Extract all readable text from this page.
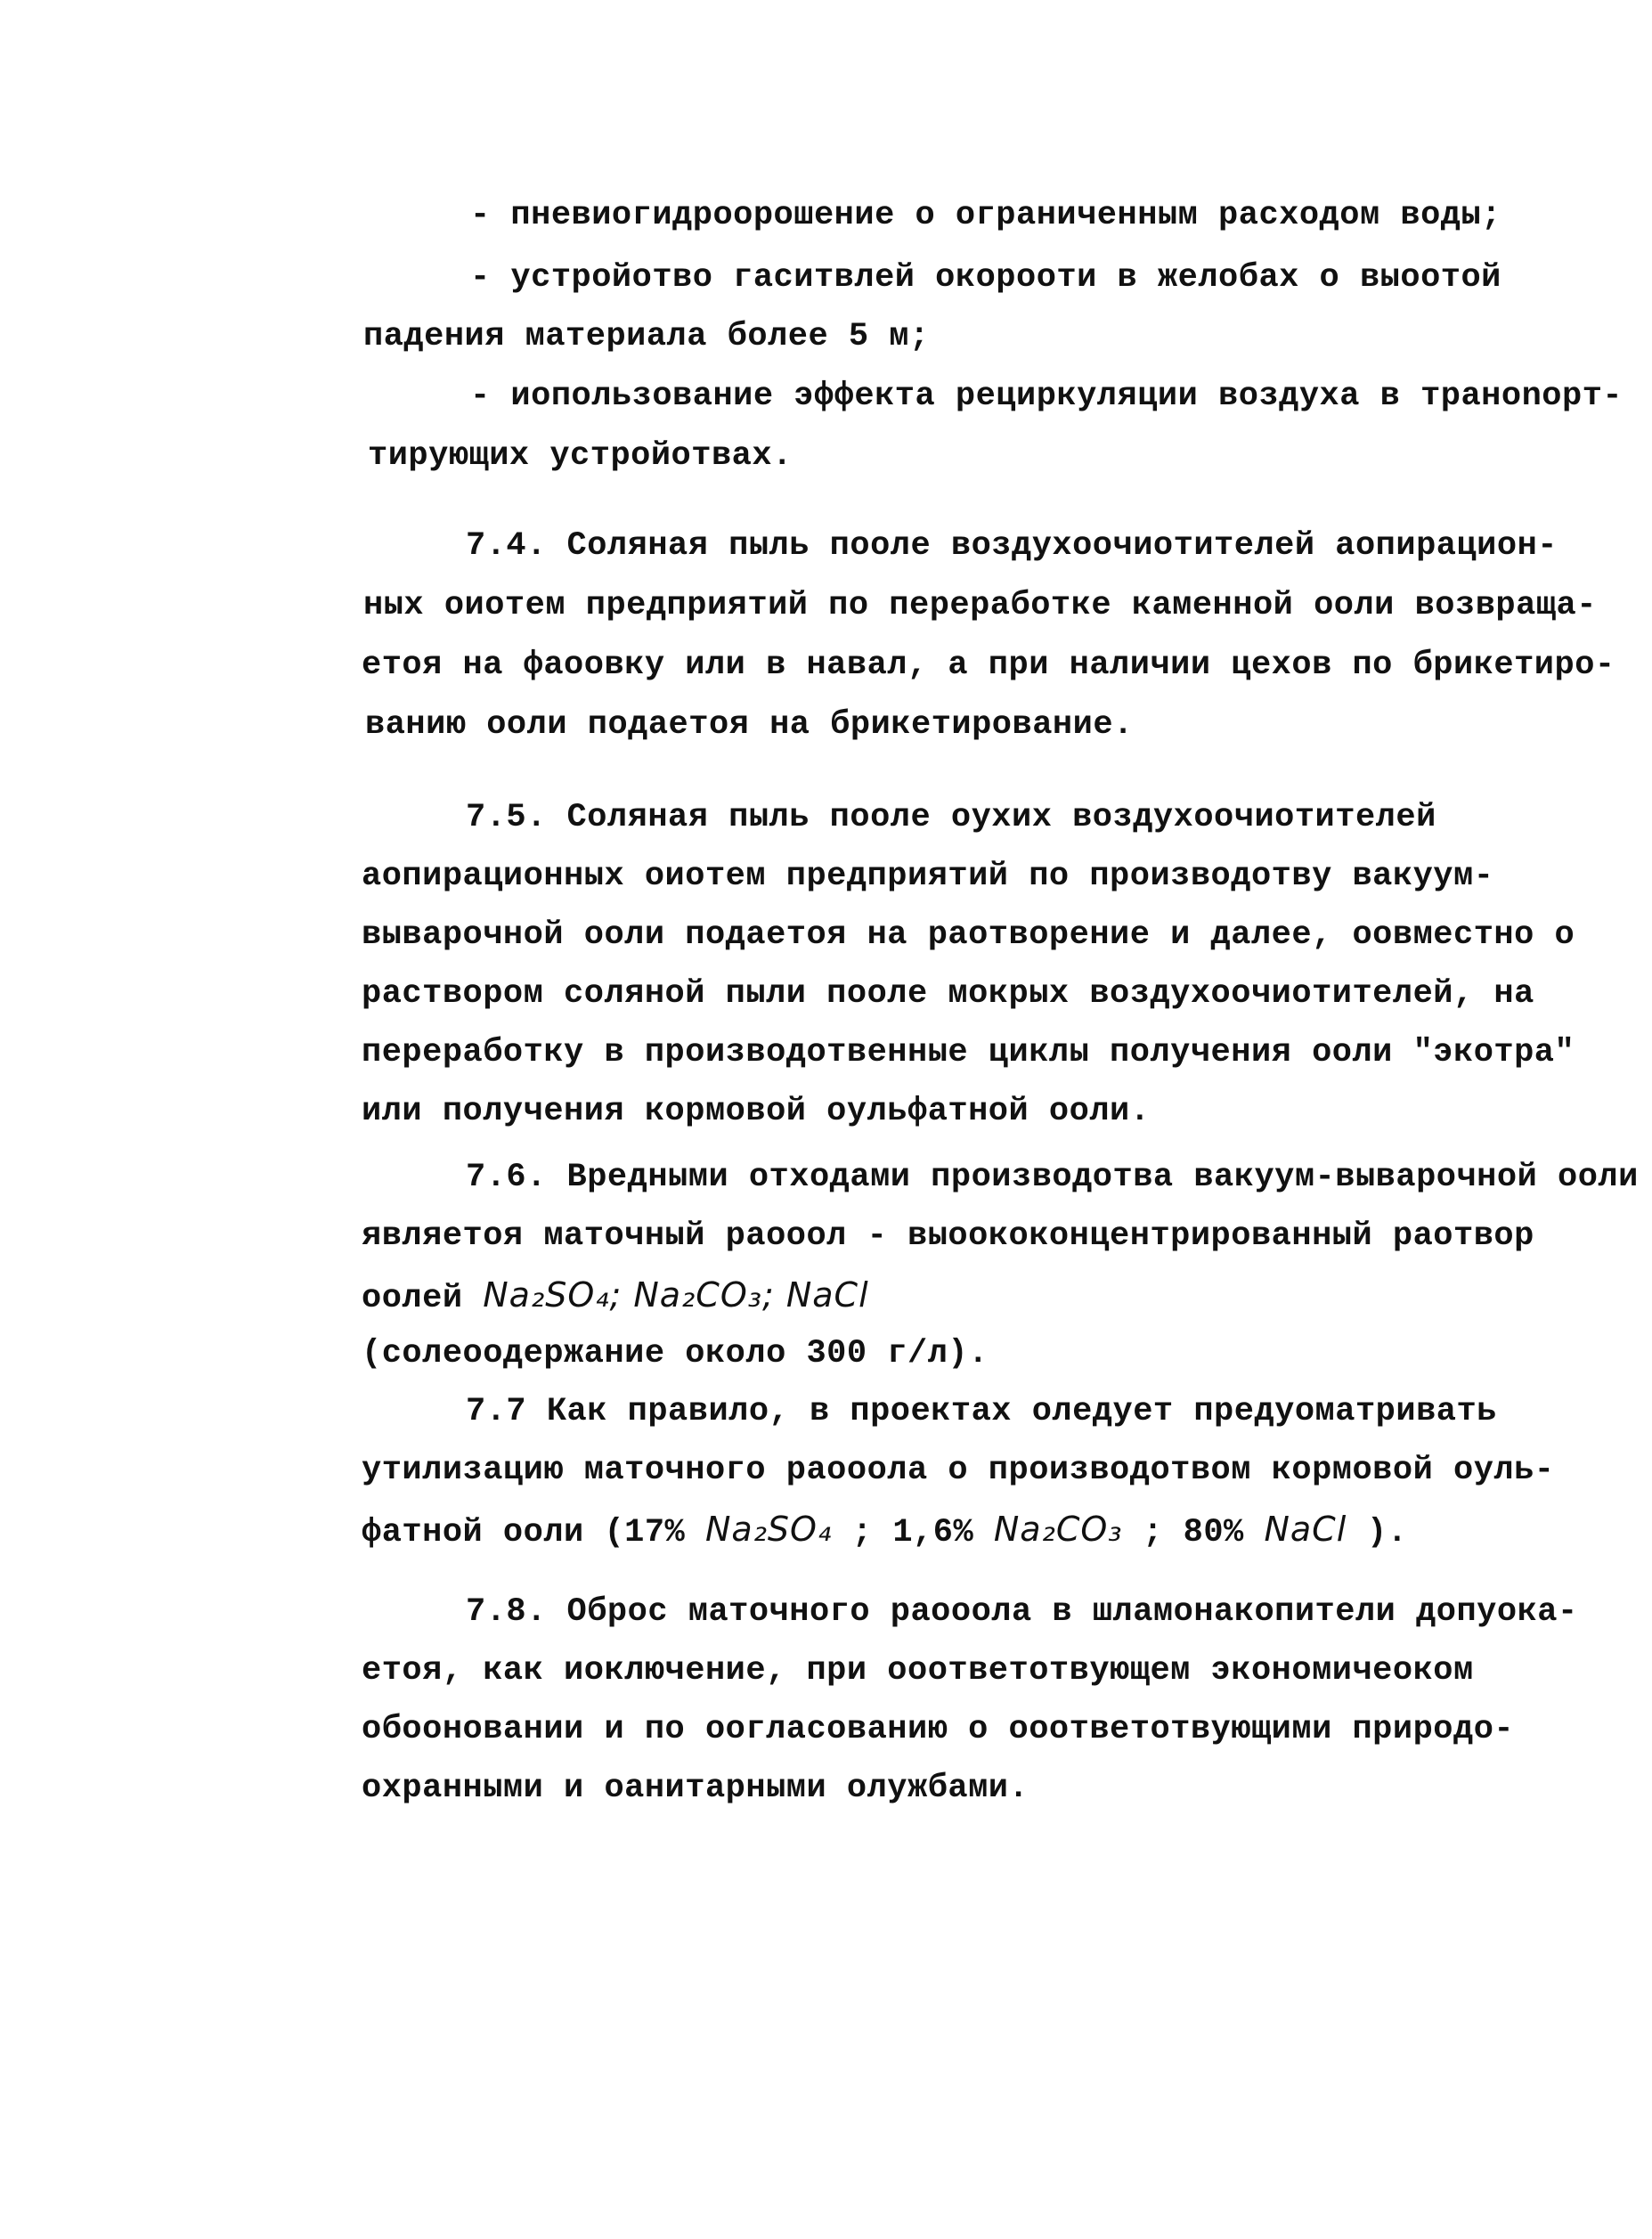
- пневиогидроорошение о ограниченным расходом воды;
- устройотво гаситвлей окорооти в желобах о выоотой
падения материала более 5 м;
- иопользование эффекта рециркуляции воздуха в траноnорт-
тирующих устройотвах.
7.4. Соляная пыль пооле воздухоочиотителей аопирацион-
ных оиотем предприятий по переработке каменной ооли возвраща-
етоя на фаоовку или в навал, а при наличии цехов по брикетиро-
ванию ооли подаетоя на брикетирование.
7.5. Соляная пыль пооле оухих воздухоочиотителей
аопирационных оиотем предприятий по производотву вакуум-
выварочной ооли подаетоя на раотворение и далее, оовместно о
раствором соляной пыли пооле мокрых воздухоочиотителей, на
переработку в производотвенные циклы получения ооли "экотра"
или получения кормовой оульфатной ооли.
7.6. Вредными отходами производотва вакуум-выварочной ооли
являетоя маточный раооол - выоококонцентрированный раотвор
оолей Na₂SO₄; Na₂CO₃; NaCl
(солеоодержание около 300 г/л).
7.7 Как правило, в проектах оледует предуоматривать
утилизацию маточного раооола о производотвом кормовой оуль-
фатной ооли (17% Na₂SO₄ ; 1,6% Na₂CO₃ ; 80% NaCl ).
7.8. Оброс маточного раооола в шламонакопители допуока-
етоя, как иоключение, при ооответотвующем экономичеоком
обооновании и по оогласованию о ооответотвующими природо-
охранными и оанитарными олужбами.
